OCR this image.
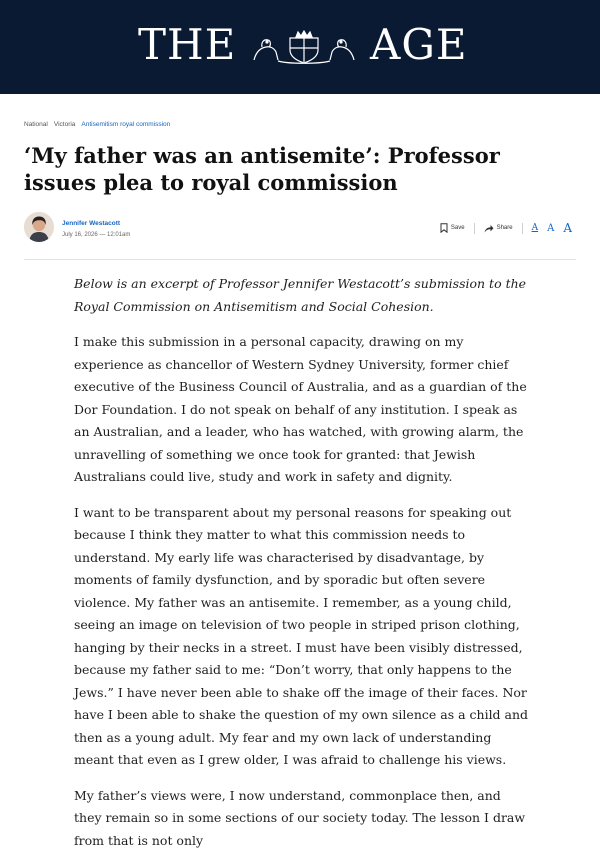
THE	AGE
National Victoria Antisemitism royal commission
‘My father was an antisemite’: Professor issues plea to royal commission
Jennifer Westacott
July 16, 2026 — 12:01am
Save	Share A A A

Below is an excerpt of Professor Jennifer Westacott’s submission to the Royal Commission on Antisemitism and Social Cohesion.

I make this submission in a personal capacity, drawing on my experience as chancellor of Western Sydney University, former chief executive of the Business Council of Australia, and as a guardian of the Dor Foundation. I do not speak on behalf of any institution. I speak as an Australian, and a leader, who has watched, with growing alarm, the unravelling of something we once took for granted: that Jewish Australians could live, study and work in safety and dignity.

I want to be transparent about my personal reasons for speaking out because I think they matter to what this commission needs to understand. My early life was characterised by disadvantage, by moments of family dysfunction, and by sporadic but often severe violence. My father was an antisemite. I remember, as a young child, seeing an image on television of two people in striped prison clothing, hanging by their necks in a street. I must have been visibly distressed, because my father said to me: “Don’t worry, that only happens to the Jews.” I have never been able to shake off the image of their faces. Nor have I been able to shake the question of my own silence as a child and then as a young adult. My fear and my own lack of understanding meant that even as I grew older, I was afraid to challenge his views.

My father’s views were, I now understand, commonplace then, and they remain so in some sections of our society today. The lesson I draw from that is not only
